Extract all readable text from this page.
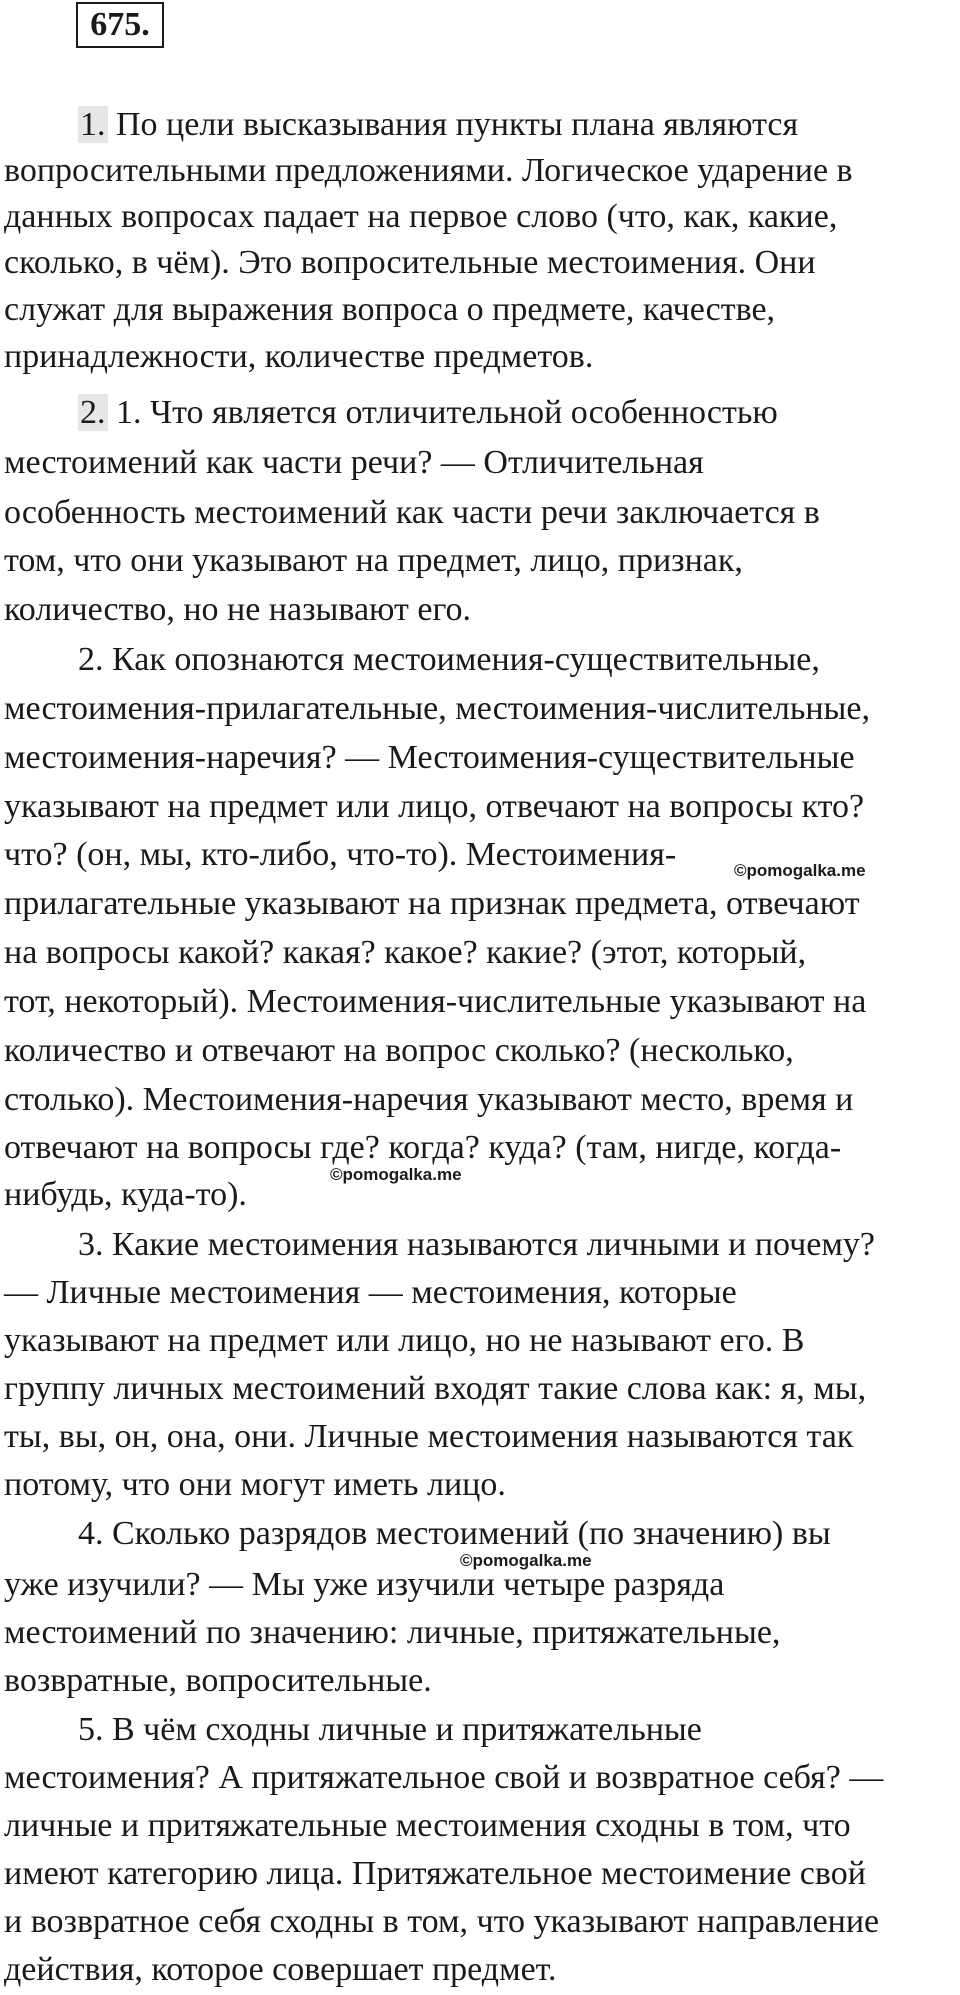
675.
1. По цели высказывания пункты плана являются
вопросительными предложениями. Логическое ударение в
данных вопросах падает на первое слово (что, как, какие,
сколько, в чём). Это вопросительные местоимения. Они
служат для выражения вопроса о предмете, качестве,
принадлежности, количестве предметов.
2. 1. Что является отличительной особенностью
местоимений как части речи? — Отличительная
особенность местоимений как части речи заключается в
том, что они указывают на предмет, лицо, признак,
количество, но не называют его.
2. Как опознаются местоимения-существительные,
местоимения-прилагательные, местоимения-числительные,
местоимения-наречия? — Местоимения-существительные
указывают на предмет или лицо, отвечают на вопросы кто?
что? (он, мы, кто-либо, что-то). Местоимения-
прилагательные указывают на признак предмета, отвечают
на вопросы какой? какая? какое? какие? (этот, который,
тот, некоторый). Местоимения-числительные указывают на
количество и отвечают на вопрос сколько? (несколько,
столько). Местоимения-наречия указывают место, время и
отвечают на вопросы где? когда? куда? (там, нигде, когда-
нибудь, куда-то).
3. Какие местоимения называются личными и почему?
— Личные местоимения — местоимения, которые
указывают на предмет или лицо, но не называют его. В
группу личных местоимений входят такие слова как: я, мы,
ты, вы, он, она, они. Личные местоимения называются так
потому, что они могут иметь лицо.
4. Сколько разрядов местоимений (по значению) вы
уже изучили? — Мы уже изучили четыре разряда
местоимений по значению: личные, притяжательные,
возвратные, вопросительные.
5. В чём сходны личные и притяжательные
местоимения? А притяжательное свой и возвратное себя? —
личные и притяжательные местоимения сходны в том, что
имеют категорию лица. Притяжательное местоимение свой
и возвратное себя сходны в том, что указывают направление
действия, которое совершает предмет.
©pomogalka.me
©pomogalka.me
©pomogalka.me
